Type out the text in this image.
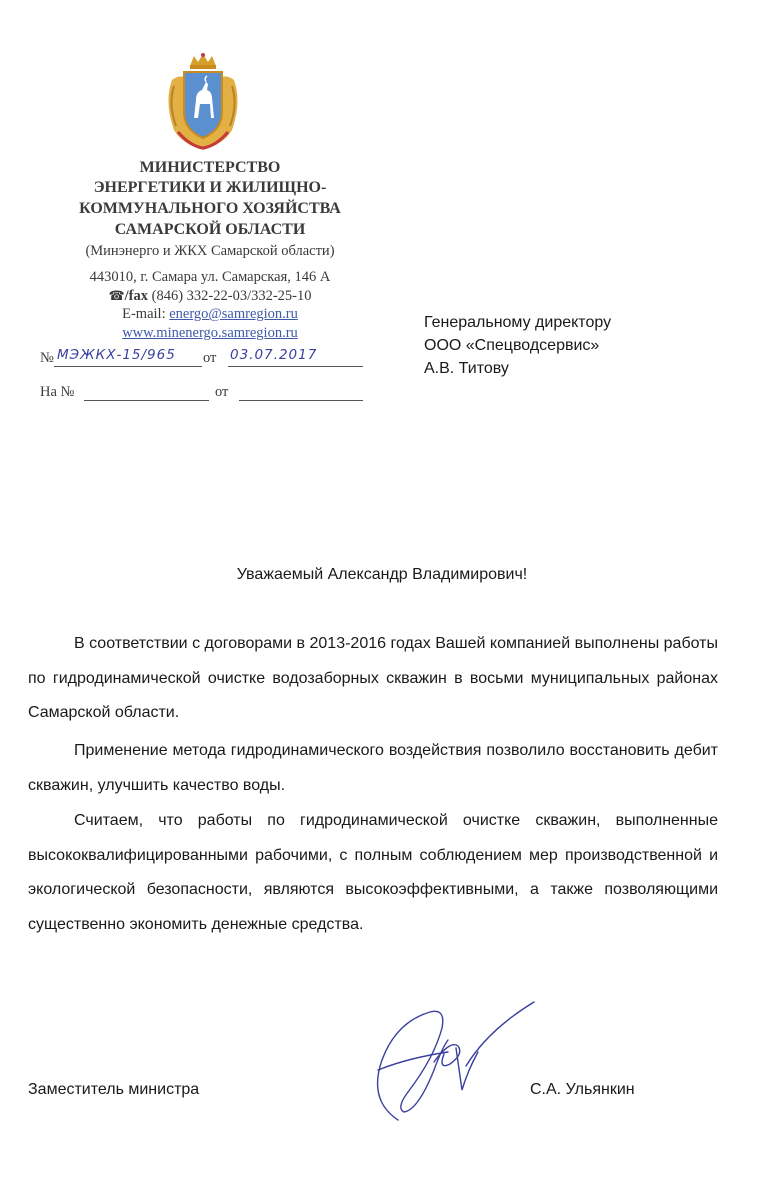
МИНИСТЕРСТВО
ЭНЕРГЕТИКИ И ЖИЛИЩНО-
КОММУНАЛЬНОГО ХОЗЯЙСТВА
САМАРСКОЙ ОБЛАСТИ
(Минэнерго и ЖКХ Самарской области)
443010, г. Самара ул. Самарская, 146 А
☎/fax (846) 332-22-03/332-25-10
E-mail: energo@samregion.ru
www.minenergo.samregion.ru
№ МЭЖКХ-15/965	от 03.07.2017
На №	от
Генеральному директору
ООО «Спецводсервис»
А.В. Титову
Уважаемый Александр Владимирович!
В соответствии с договорами в 2013-2016 годах Вашей компанией выполнены работы по гидродинамической очистке водозаборных скважин в восьми муниципальных районах Самарской области.
Применение метода гидродинамического воздействия позволило восстановить дебит скважин, улучшить качество воды.
Считаем, что работы по гидродинамической очистке скважин, выполненные высококвалифицированными рабочими, с полным соблюдением мер производственной и экологической безопасности, являются высокоэффективными, а также позволяющими существенно экономить денежные средства.
Заместитель министра	С.А. Ульянкин
